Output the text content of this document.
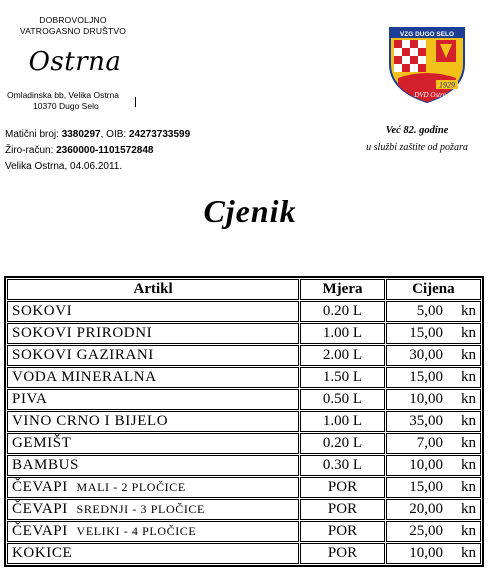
DOBROVOLJNO
VATROGASNO DRUŠTVO
Ostrna
Omladinska bb, Velika Ostrna
10370 Dugo Selo
Matični broj: 3380297, OIB: 24273733599
Žiro-račun: 2360000-1101572848
Velika Ostrna, 04.06.2011.
VZG DUGO SELO
1929
DVD Ostrna
Već 82. godine
u službi zaštite od požara
Cjenik
Artikl	Mjera	Cijena
SOKOVI	0.20 L	5,00 kn

SOKOVI PRIRODNI	1.00 L	15,00 kn

SOKOVI GAZIRANI	2.00 L	30,00 kn

VODA MINERALNA	1.50 L	15,00 kn

PIVA	0.50 L	10,00 kn

VINO CRNO I BIJELO	1.00 L	35,00 kn

GEMIŠT	0.20 L	7,00 kn

BAMBUS	0.30 L	10,00 kn

ČEVAPI MALI - 2 PLOČICE	POR	15,00 kn

ČEVAPI SREDNJI - 3 PLOČICE	POR	20,00 kn

ČEVAPI VELIKI - 4 PLOČICE	POR	25,00 kn

KOKICE	POR	10,00 kn
